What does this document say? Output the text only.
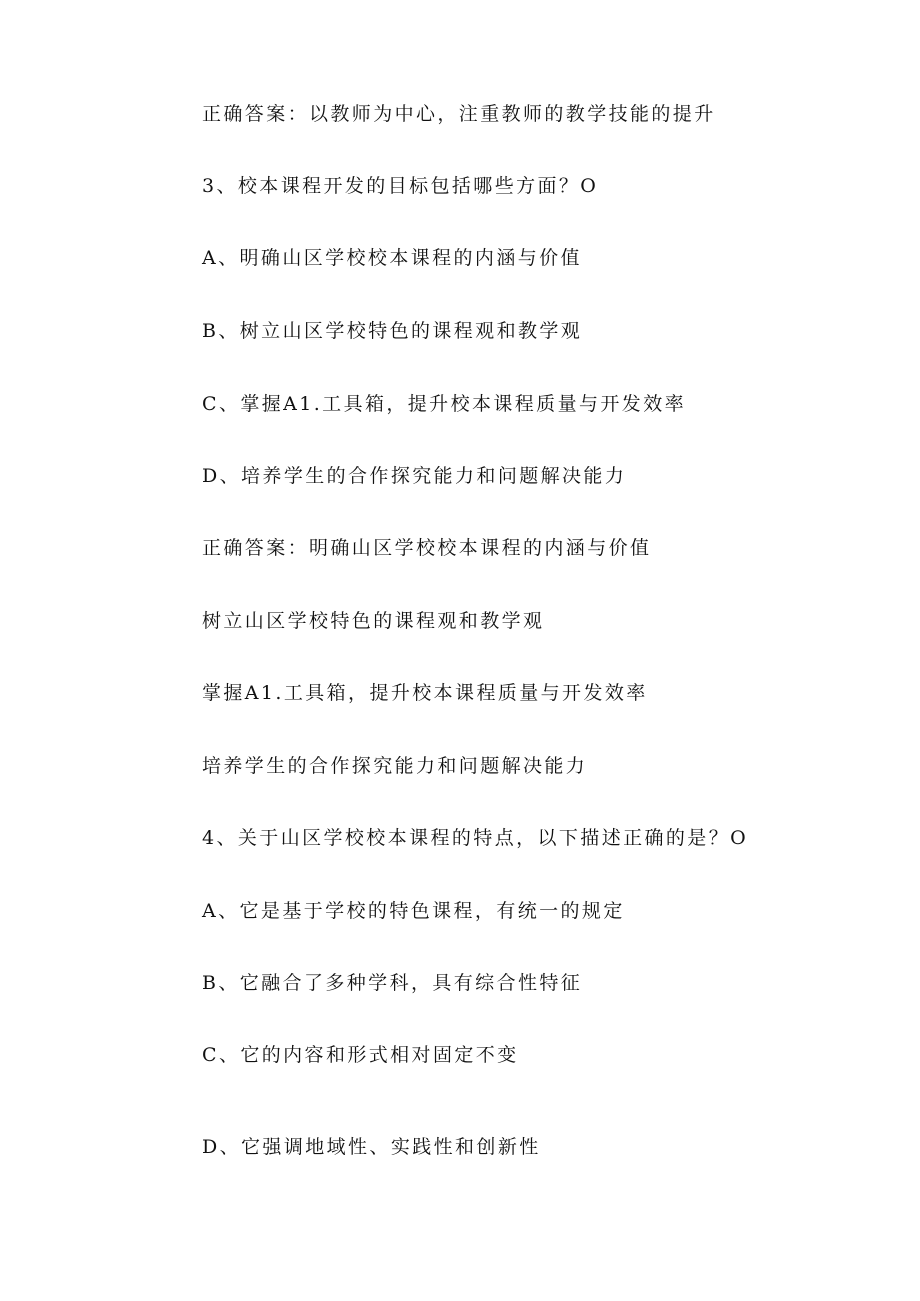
正确答案：以教师为中心，注重教师的教学技能的提升
3、校本课程开发的目标包括哪些方面？O
A、明确山区学校校本课程的内涵与价值
B、树立山区学校特色的课程观和教学观
C、掌握A1.工具箱，提升校本课程质量与开发效率
D、培养学生的合作探究能力和问题解决能力
正确答案：明确山区学校校本课程的内涵与价值
树立山区学校特色的课程观和教学观
掌握A1.工具箱，提升校本课程质量与开发效率
培养学生的合作探究能力和问题解决能力
4、关于山区学校校本课程的特点，以下描述正确的是？O
A、它是基于学校的特色课程，有统一的规定
B、它融合了多种学科，具有综合性特征
C、它的内容和形式相对固定不变
D、它强调地域性、实践性和创新性
